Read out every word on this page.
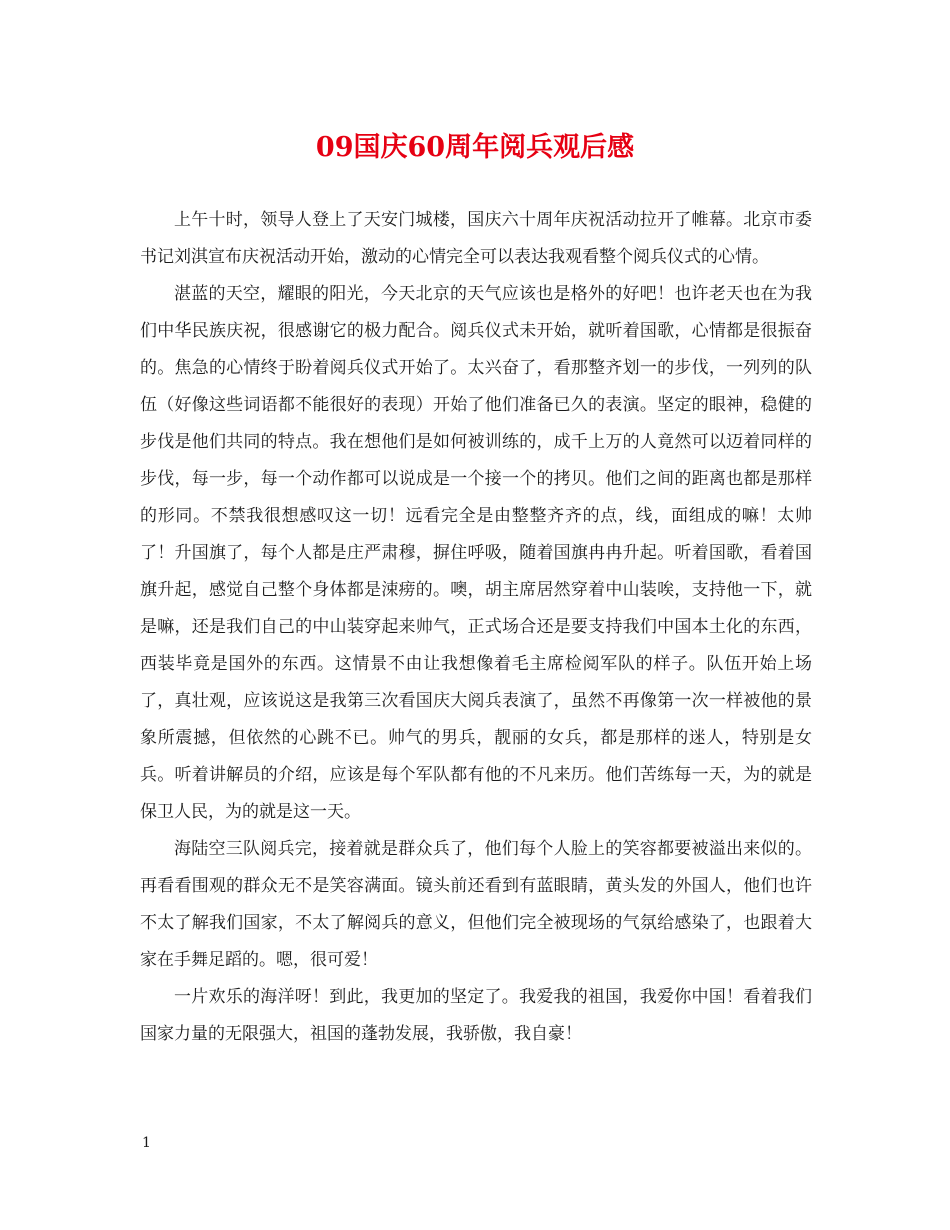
09国庆60周年阅兵观后感

上午十时，领导人登上了天安门城楼，国庆六十周年庆祝活动拉开了帷幕。北京市委书记刘淇宣布庆祝活动开始，激动的心情完全可以表达我观看整个阅兵仪式的心情。

湛蓝的天空，耀眼的阳光，今天北京的天气应该也是格外的好吧！也许老天也在为我们中华民族庆祝，很感谢它的极力配合。阅兵仪式未开始，就听着国歌，心情都是很振奋的。焦急的心情终于盼着阅兵仪式开始了。太兴奋了，看那整齐划一的步伐，一列列的队伍（好像这些词语都不能很好的表现）开始了他们准备已久的表演。坚定的眼神，稳健的步伐是他们共同的特点。我在想他们是如何被训练的，成千上万的人竟然可以迈着同样的步伐，每一步，每一个动作都可以说成是一个接一个的拷贝。他们之间的距离也都是那样的形同。不禁我很想感叹这一切！远看完全是由整整齐齐的点，线，面组成的嘛！太帅了！升国旗了，每个人都是庄严肃穆，摒住呼吸，随着国旗冉冉升起。听着国歌，看着国旗升起，感觉自己整个身体都是涑痨的。噢，胡主席居然穿着中山装唉，支持他一下，就是嘛，还是我们自己的中山装穿起来帅气，正式场合还是要支持我们中国本土化的东西，西装毕竟是国外的东西。这情景不由让我想像着毛主席检阅军队的样子。队伍开始上场了，真壮观，应该说这是我第三次看国庆大阅兵表演了，虽然不再像第一次一样被他的景象所震撼，但依然的心跳不已。帅气的男兵，靓丽的女兵，都是那样的迷人，特别是女兵。听着讲解员的介绍，应该是每个军队都有他的不凡来历。他们苦练每一天，为的就是保卫人民，为的就是这一天。

海陆空三队阅兵完，接着就是群众兵了，他们每个人脸上的笑容都要被溢出来似的。再看看围观的群众无不是笑容满面。镜头前还看到有蓝眼睛，黄头发的外国人，他们也许不太了解我们国家，不太了解阅兵的意义，但他们完全被现场的气氛给感染了，也跟着大家在手舞足蹈的。嗯，很可爱！

一片欢乐的海洋呀！到此，我更加的坚定了。我爱我的祖国，我爱你中国！看着我们国家力量的无限强大，祖国的蓬勃发展，我骄傲，我自豪！

1
